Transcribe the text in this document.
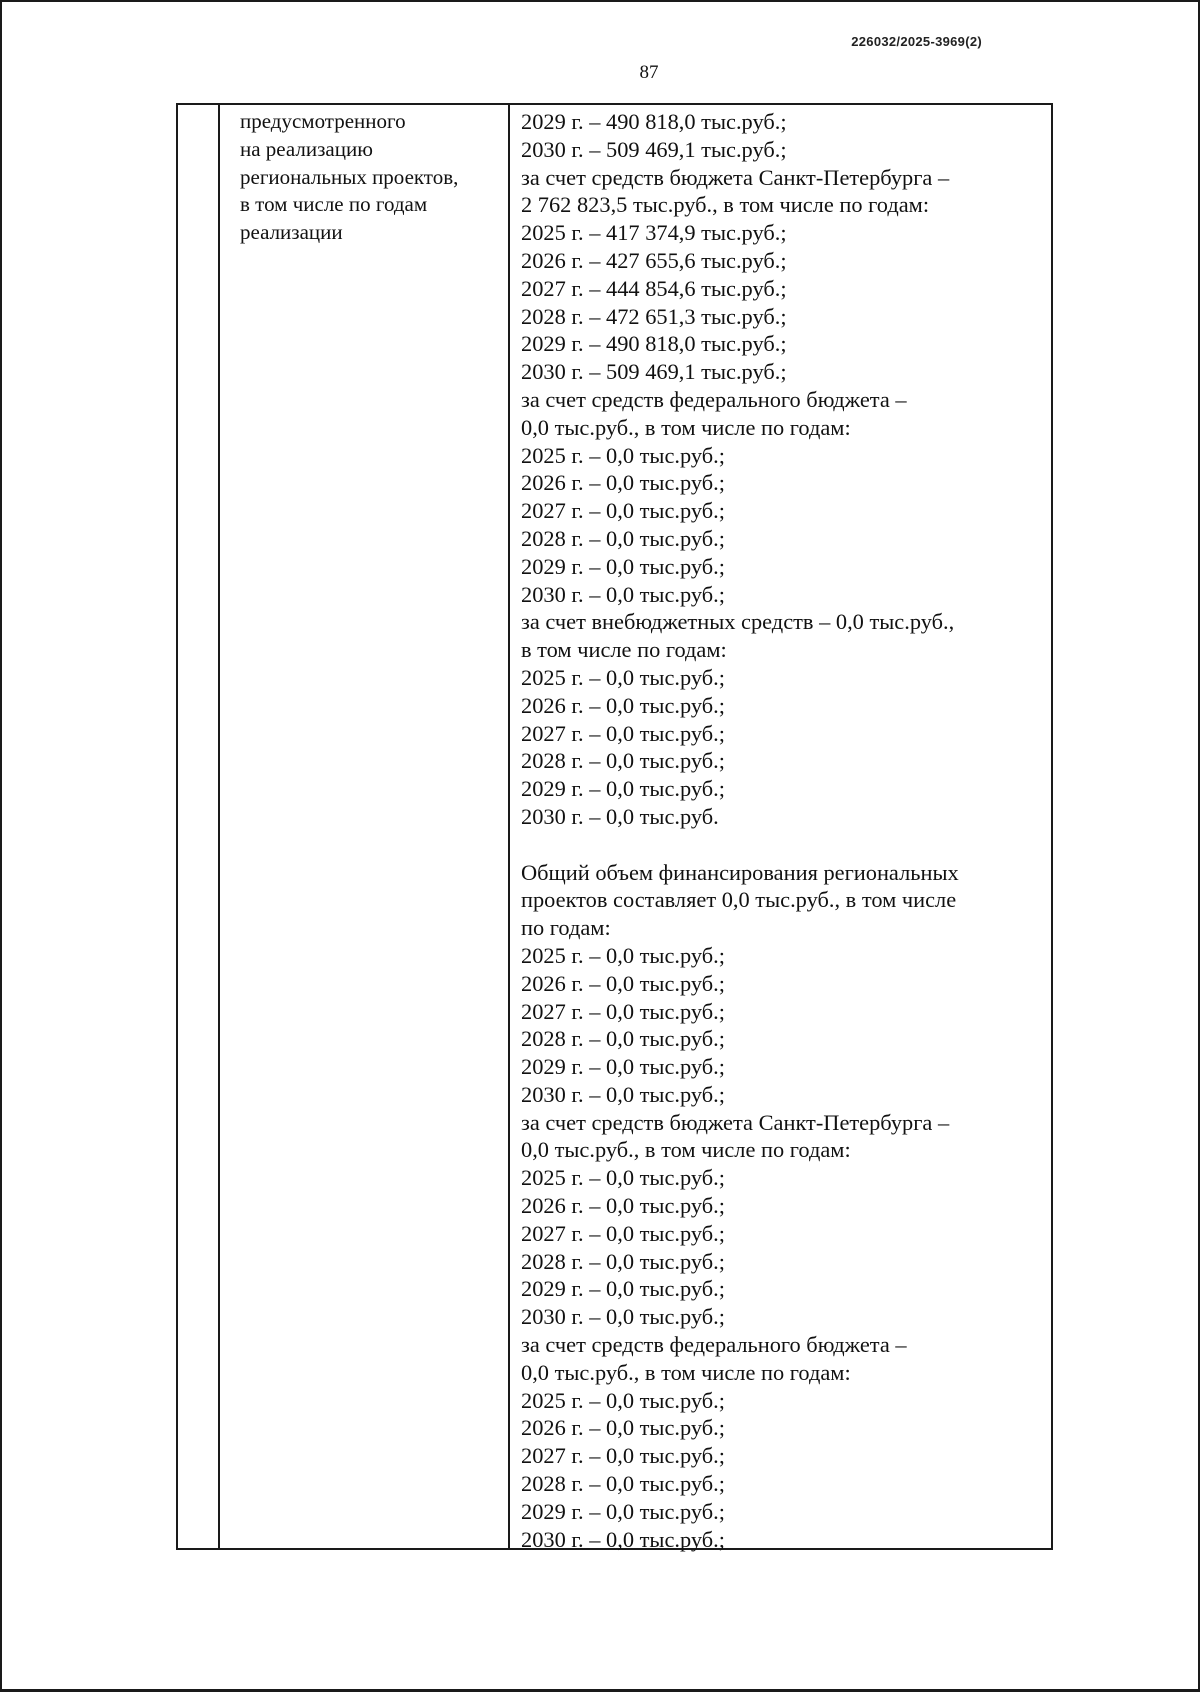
226032/2025-3969(2)
87
предусмотренного
на реализацию
региональных проектов,
в том числе по годам
реализации
2029 г. – 490 818,0 тыс.руб.;
2030 г. – 509 469,1 тыс.руб.;
за счет средств бюджета Санкт-Петербурга –
2 762 823,5 тыс.руб., в том числе по годам:
2025 г. – 417 374,9 тыс.руб.;
2026 г. – 427 655,6 тыс.руб.;
2027 г. – 444 854,6 тыс.руб.;
2028 г. – 472 651,3 тыс.руб.;
2029 г. – 490 818,0 тыс.руб.;
2030 г. – 509 469,1 тыс.руб.;
за счет средств федерального бюджета –
0,0 тыс.руб., в том числе по годам:
2025 г. – 0,0 тыс.руб.;
2026 г. – 0,0 тыс.руб.;
2027 г. – 0,0 тыс.руб.;
2028 г. – 0,0 тыс.руб.;
2029 г. – 0,0 тыс.руб.;
2030 г. – 0,0 тыс.руб.;
за счет внебюджетных средств – 0,0 тыс.руб.,
в том числе по годам:
2025 г. – 0,0 тыс.руб.;
2026 г. – 0,0 тыс.руб.;
2027 г. – 0,0 тыс.руб.;
2028 г. – 0,0 тыс.руб.;
2029 г. – 0,0 тыс.руб.;
2030 г. – 0,0 тыс.руб.
Общий объем финансирования региональных
проектов составляет 0,0 тыс.руб., в том числе
по годам:
2025 г. – 0,0 тыс.руб.;
2026 г. – 0,0 тыс.руб.;
2027 г. – 0,0 тыс.руб.;
2028 г. – 0,0 тыс.руб.;
2029 г. – 0,0 тыс.руб.;
2030 г. – 0,0 тыс.руб.;
за счет средств бюджета Санкт-Петербурга –
0,0 тыс.руб., в том числе по годам:
2025 г. – 0,0 тыс.руб.;
2026 г. – 0,0 тыс.руб.;
2027 г. – 0,0 тыс.руб.;
2028 г. – 0,0 тыс.руб.;
2029 г. – 0,0 тыс.руб.;
2030 г. – 0,0 тыс.руб.;
за счет средств федерального бюджета –
0,0 тыс.руб., в том числе по годам:
2025 г. – 0,0 тыс.руб.;
2026 г. – 0,0 тыс.руб.;
2027 г. – 0,0 тыс.руб.;
2028 г. – 0,0 тыс.руб.;
2029 г. – 0,0 тыс.руб.;
2030 г. – 0,0 тыс.руб.;
